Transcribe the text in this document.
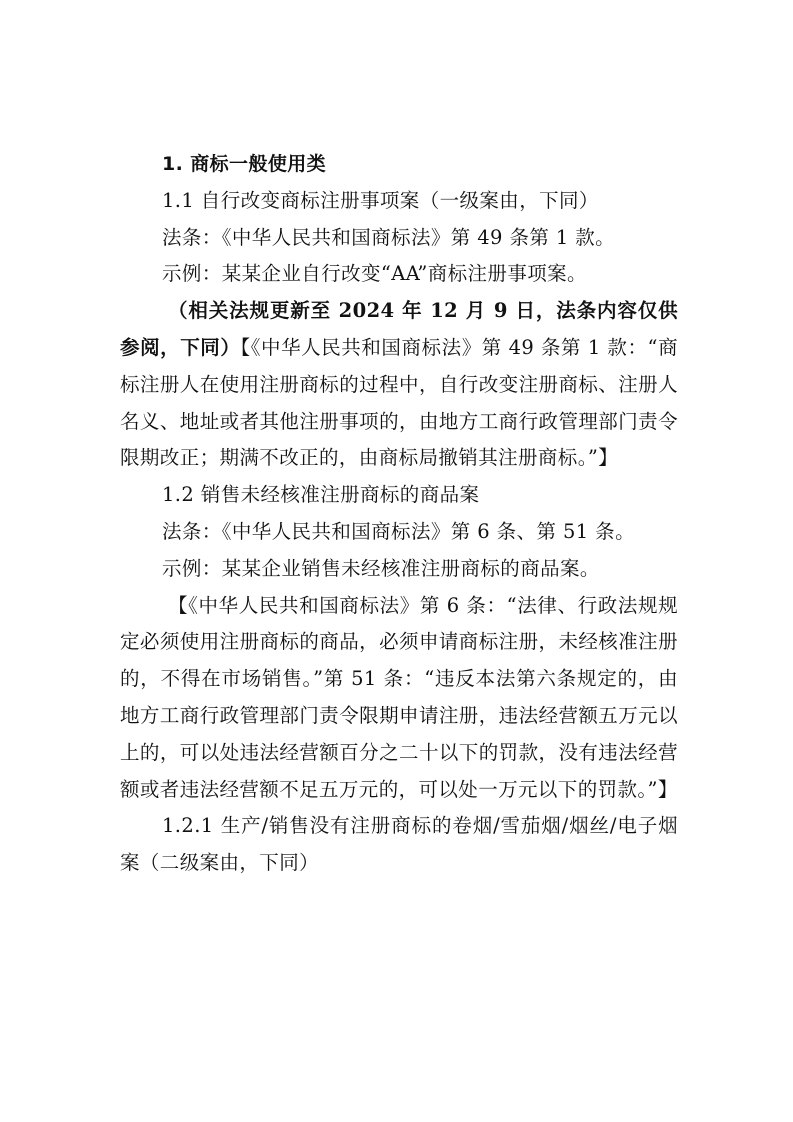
1. 商标一般使用类

1.1 自行改变商标注册事项案（一级案由，下同）

法条：《中华人民共和国商标法》第 49 条第 1 款。

示例：某某企业自行改变“AA”商标注册事项案。

（相关法规更新至 2024 年 12 月 9 日，法条内容仅供参阅，下同）【《中华人民共和国商标法》第 49 条第 1 款：“商标注册人在使用注册商标的过程中，自行改变注册商标、注册人名义、地址或者其他注册事项的，由地方工商行政管理部门责令限期改正；期满不改正的，由商标局撤销其注册商标。”】

1.2 销售未经核准注册商标的商品案

法条：《中华人民共和国商标法》第 6 条、第 51 条。

示例：某某企业销售未经核准注册商标的商品案。

【《中华人民共和国商标法》第 6 条：“法律、行政法规规定必须使用注册商标的商品，必须申请商标注册，未经核准注册的，不得在市场销售。”第 51 条：“违反本法第六条规定的，由地方工商行政管理部门责令限期申请注册，违法经营额五万元以上的，可以处违法经营额百分之二十以下的罚款，没有违法经营额或者违法经营额不足五万元的，可以处一万元以下的罚款。”】

1.2.1 生产/销售没有注册商标的卷烟/雪茄烟/烟丝/电子烟案（二级案由，下同）
